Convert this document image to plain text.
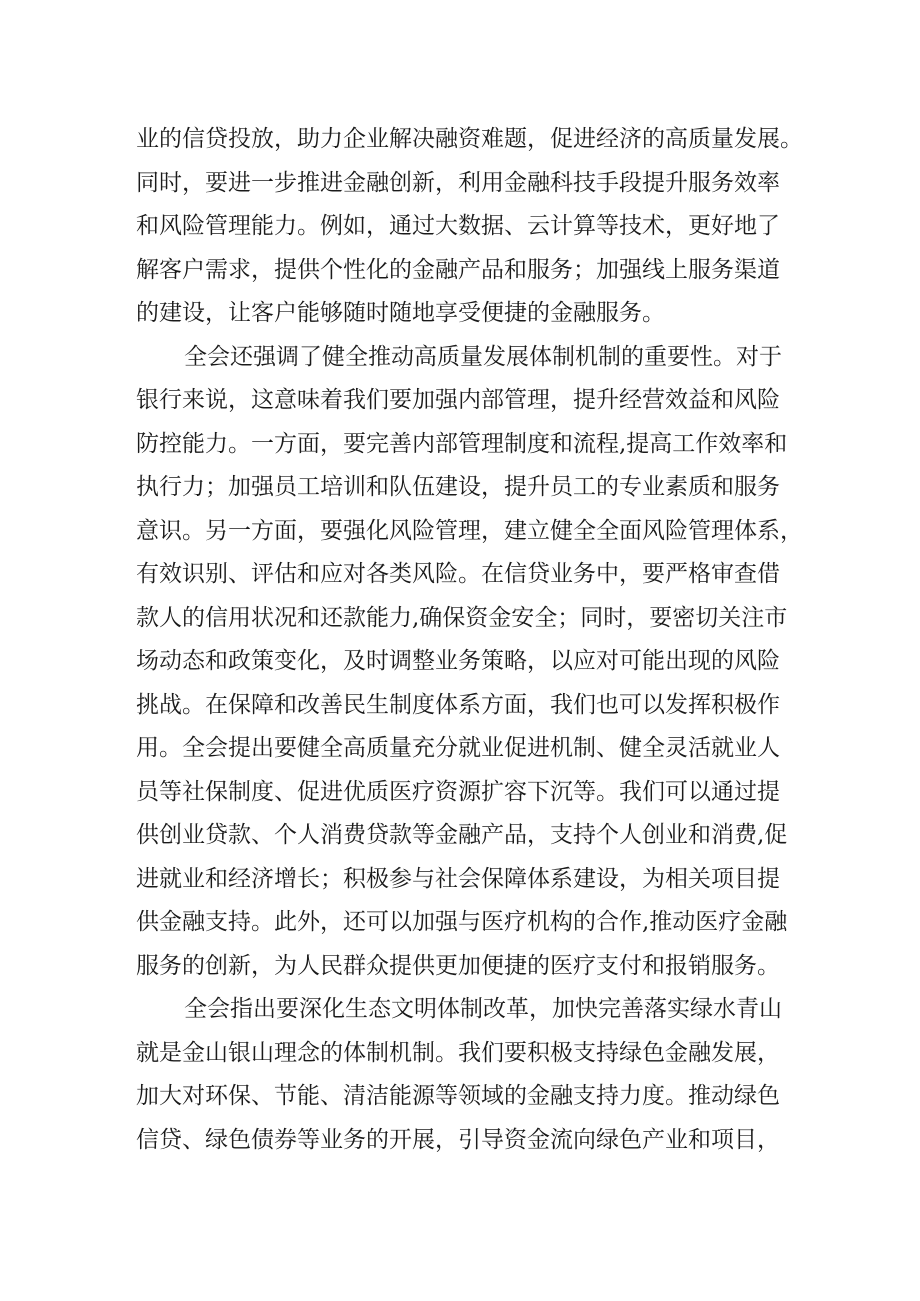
业的信贷投放，助力企业解决融资难题，促进经济的高质量发展。
同时，要进一步推进金融创新，利用金融科技手段提升服务效率
和风险管理能力。例如，通过大数据、云计算等技术，更好地了
解客户需求，提供个性化的金融产品和服务；加强线上服务渠道
的建设，让客户能够随时随地享受便捷的金融服务。
全会还强调了健全推动高质量发展体制机制的重要性。对于
银行来说，这意味着我们要加强内部管理，提升经营效益和风险
防控能力。一方面，要完善内部管理制度和流程,提高工作效率和
执行力；加强员工培训和队伍建设，提升员工的专业素质和服务
意识。另一方面，要强化风险管理，建立健全全面风险管理体系，
有效识别、评估和应对各类风险。在信贷业务中，要严格审查借
款人的信用状况和还款能力,确保资金安全；同时，要密切关注市
场动态和政策变化，及时调整业务策略，以应对可能出现的风险
挑战。在保障和改善民生制度体系方面，我们也可以发挥积极作
用。全会提出要健全高质量充分就业促进机制、健全灵活就业人
员等社保制度、促进优质医疗资源扩容下沉等。我们可以通过提
供创业贷款、个人消费贷款等金融产品，支持个人创业和消费,促
进就业和经济增长；积极参与社会保障体系建设，为相关项目提
供金融支持。此外，还可以加强与医疗机构的合作,推动医疗金融
服务的创新，为人民群众提供更加便捷的医疗支付和报销服务。
全会指出要深化生态文明体制改革，加快完善落实绿水青山
就是金山银山理念的体制机制。我们要积极支持绿色金融发展，
加大对环保、节能、清洁能源等领域的金融支持力度。推动绿色
信贷、绿色债券等业务的开展，引导资金流向绿色产业和项目，
